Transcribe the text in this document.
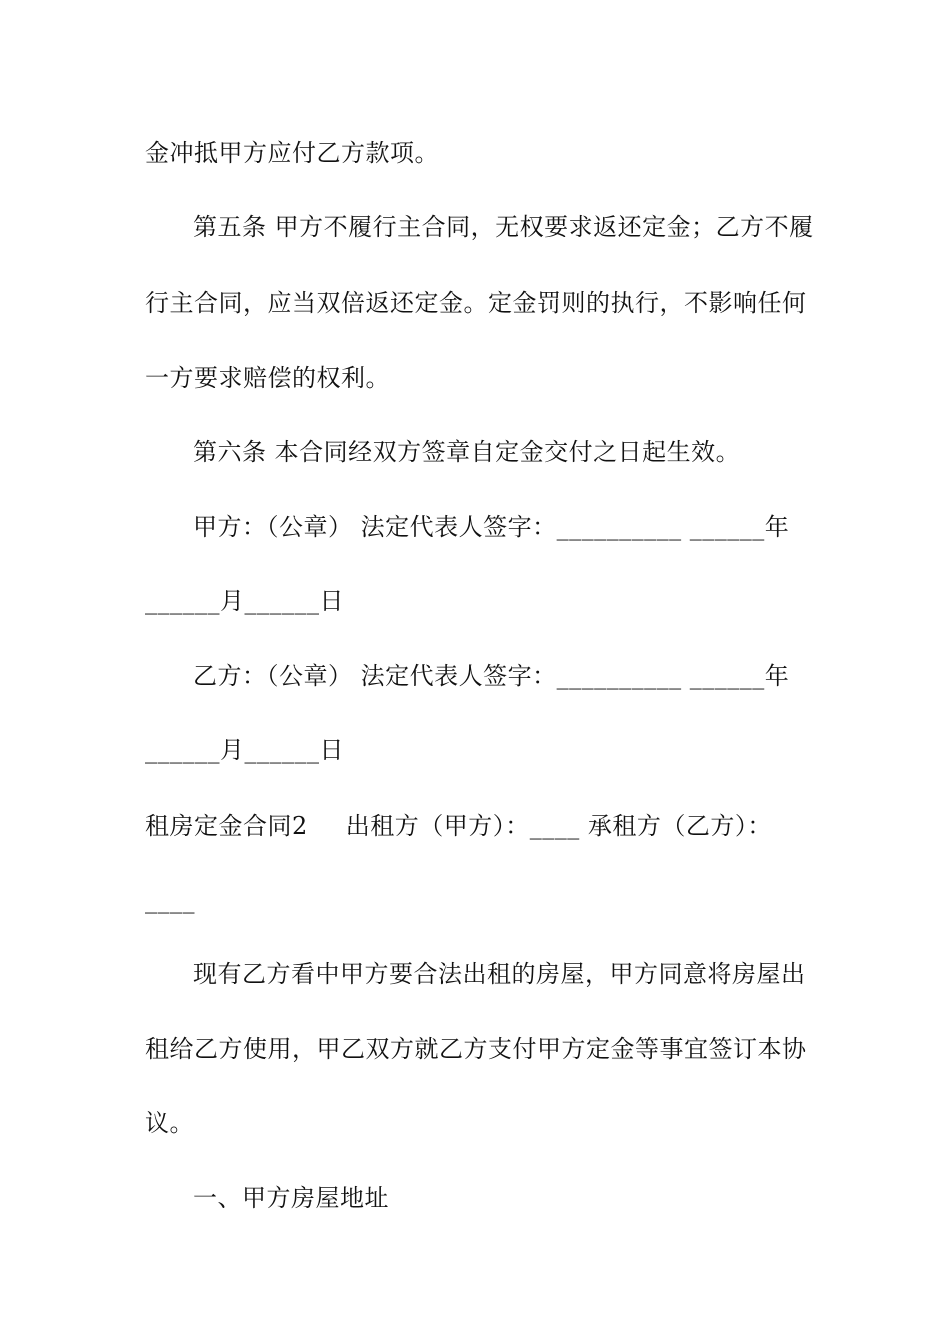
金冲抵甲方应付乙方款项。
第五条 甲方不履行主合同，无权要求返还定金；乙方不履
行主合同，应当双倍返还定金。定金罚则的执行，不影响任何
一方要求赔偿的权利。
第六条 本合同经双方签章自定金交付之日起生效。
甲方：（公章） 法定代表人签字：__________ ______年
______月______日
乙方：（公章） 法定代表人签字：__________ ______年
______月______日
租房定金合同2 出租方（甲方）：____ 承租方（乙方）：
____
现有乙方看中甲方要合法出租的房屋，甲方同意将房屋出
租给乙方使用，甲乙双方就乙方支付甲方定金等事宜签订本协
议。
一、甲方房屋地址
